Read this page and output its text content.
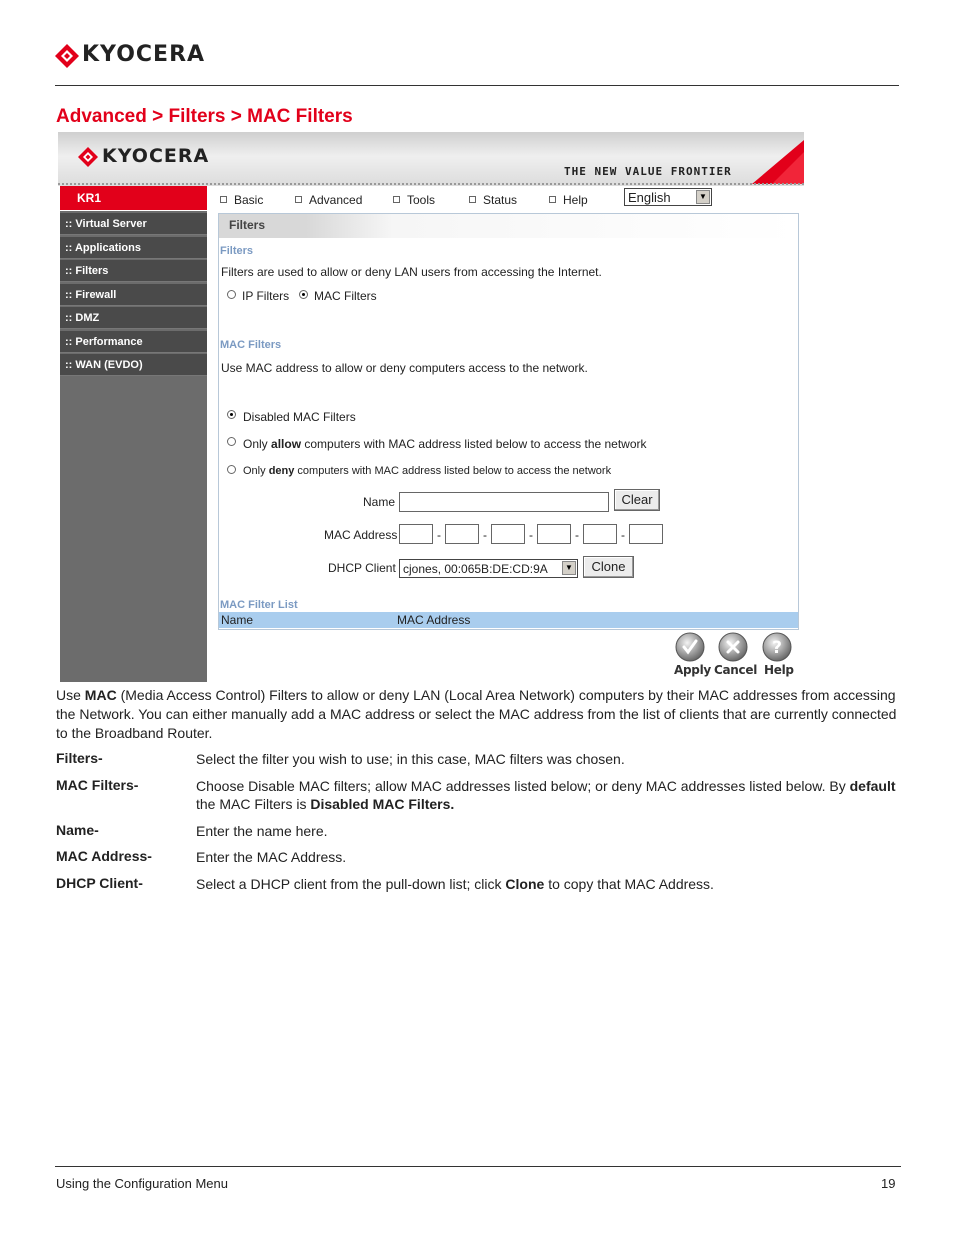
KYOCERA
Advanced > Filters > MAC Filters
KYOCERA
THE NEW VALUE FRONTIER
KR1
:: Virtual Server
:: Applications
:: Filters
:: Firewall
:: DMZ
:: Performance
:: WAN (EVDO)
Basic	Advanced	Tools	Status	Help	English	▼
Filters
Filters
Filters are used to allow or deny LAN users from accessing the Internet.
IP Filters MAC Filters
MAC Filters
Use MAC address to allow or deny computers access to the network.
Disabled MAC Filters
Only allow computers with MAC address listed below to access the network
Only deny computers with MAC address listed below to access the network
Name	Clear
MAC Address	-	-	-	-	-
DHCP Client cjones, 00:065B:DE:CD:9A	▼	Clone
MAC Filter List
Name	MAC Address
Apply Cancel
?
Help
Use MAC (Media Access Control) Filters to allow or deny LAN (Local Area Network) computers by their MAC addresses from accessing the Network. You can either manually add a MAC address or select the MAC address from the list of clients that are currently connected to the Broadband Router.
Filters-	Select the filter you wish to use; in this case, MAC filters was chosen.
MAC Filters-	Choose Disable MAC filters; allow MAC addresses listed below; or deny MAC addresses listed below. By default the MAC Filters is Disabled MAC Filters.
Name-	Enter the name here.
MAC Address-	Enter the MAC Address.
DHCP Client-	Select a DHCP client from the pull-down list; click Clone to copy that MAC Address.
Using the Configuration Menu	19
